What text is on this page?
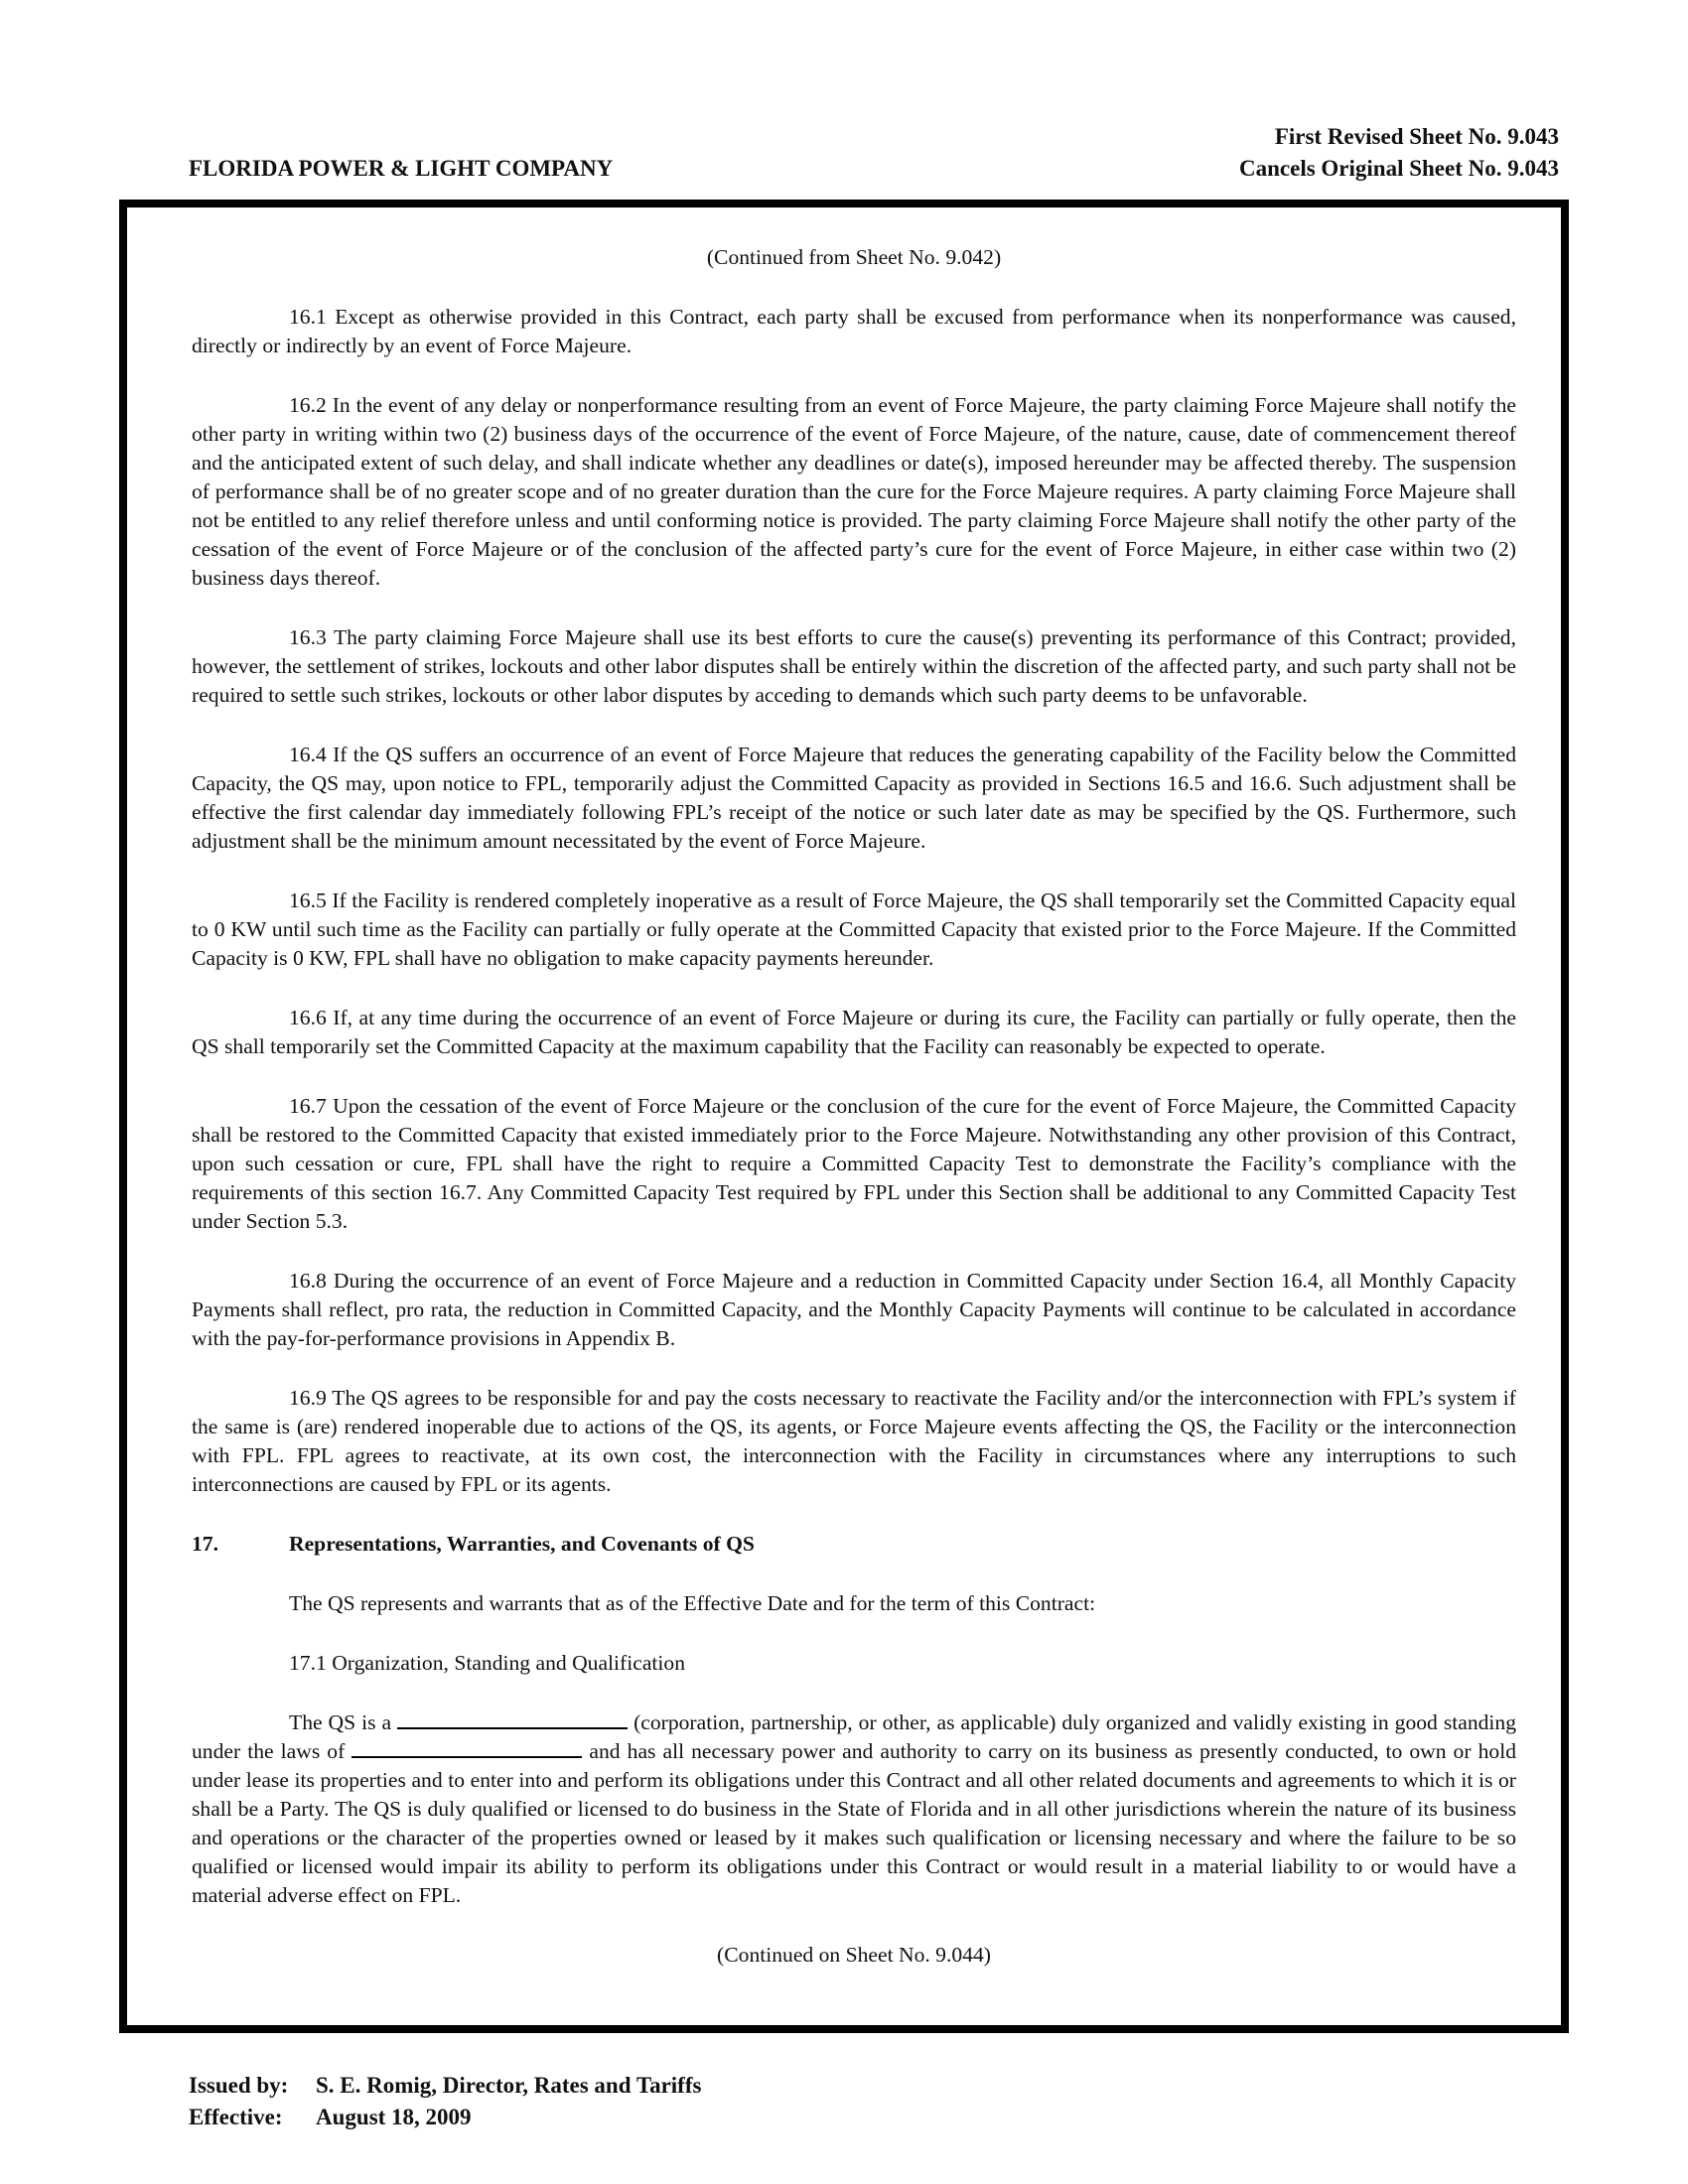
First Revised Sheet No. 9.043
Cancels Original Sheet No. 9.043
FLORIDA POWER & LIGHT COMPANY

(Continued from Sheet No. 9.042)

16.1 Except as otherwise provided in this Contract, each party shall be excused from performance when its nonperformance was caused, directly or indirectly by an event of Force Majeure.

16.2 In the event of any delay or nonperformance resulting from an event of Force Majeure, the party claiming Force Majeure shall notify the other party in writing within two (2) business days of the occurrence of the event of Force Majeure, of the nature, cause, date of commencement thereof and the anticipated extent of such delay, and shall indicate whether any deadlines or date(s), imposed hereunder may be affected thereby. The suspension of performance shall be of no greater scope and of no greater duration than the cure for the Force Majeure requires. A party claiming Force Majeure shall not be entitled to any relief therefore unless and until conforming notice is provided. The party claiming Force Majeure shall notify the other party of the cessation of the event of Force Majeure or of the conclusion of the affected party’s cure for the event of Force Majeure, in either case within two (2) business days thereof.

16.3 The party claiming Force Majeure shall use its best efforts to cure the cause(s) preventing its performance of this Contract; provided, however, the settlement of strikes, lockouts and other labor disputes shall be entirely within the discretion of the affected party, and such party shall not be required to settle such strikes, lockouts or other labor disputes by acceding to demands which such party deems to be unfavorable.

16.4 If the QS suffers an occurrence of an event of Force Majeure that reduces the generating capability of the Facility below the Committed Capacity, the QS may, upon notice to FPL, temporarily adjust the Committed Capacity as provided in Sections 16.5 and 16.6. Such adjustment shall be effective the first calendar day immediately following FPL’s receipt of the notice or such later date as may be specified by the QS. Furthermore, such adjustment shall be the minimum amount necessitated by the event of Force Majeure.

16.5 If the Facility is rendered completely inoperative as a result of Force Majeure, the QS shall temporarily set the Committed Capacity equal to 0 KW until such time as the Facility can partially or fully operate at the Committed Capacity that existed prior to the Force Majeure. If the Committed Capacity is 0 KW, FPL shall have no obligation to make capacity payments hereunder.

16.6 If, at any time during the occurrence of an event of Force Majeure or during its cure, the Facility can partially or fully operate, then the QS shall temporarily set the Committed Capacity at the maximum capability that the Facility can reasonably be expected to operate.

16.7 Upon the cessation of the event of Force Majeure or the conclusion of the cure for the event of Force Majeure, the Committed Capacity shall be restored to the Committed Capacity that existed immediately prior to the Force Majeure. Notwithstanding any other provision of this Contract, upon such cessation or cure, FPL shall have the right to require a Committed Capacity Test to demonstrate the Facility’s compliance with the requirements of this section 16.7. Any Committed Capacity Test required by FPL under this Section shall be additional to any Committed Capacity Test under Section 5.3.

16.8 During the occurrence of an event of Force Majeure and a reduction in Committed Capacity under Section 16.4, all Monthly Capacity Payments shall reflect, pro rata, the reduction in Committed Capacity, and the Monthly Capacity Payments will continue to be calculated in accordance with the pay-for-performance provisions in Appendix B.

16.9 The QS agrees to be responsible for and pay the costs necessary to reactivate the Facility and/or the interconnection with FPL’s system if the same is (are) rendered inoperable due to actions of the QS, its agents, or Force Majeure events affecting the QS, the Facility or the interconnection with FPL. FPL agrees to reactivate, at its own cost, the interconnection with the Facility in circumstances where any interruptions to such interconnections are caused by FPL or its agents.

17.	Representations, Warranties, and Covenants of QS

The QS represents and warrants that as of the Effective Date and for the term of this Contract:

17.1 Organization, Standing and Qualification

The QS is a	(corporation, partnership, or other, as applicable) duly organized and validly existing in good standing under the laws of	and has all necessary power and authority to carry on its business as presently conducted, to own or hold under lease its properties and to enter into and perform its obligations under this Contract and all other related documents and agreements to which it is or shall be a Party. The QS is duly qualified or licensed to do business in the State of Florida and in all other jurisdictions wherein the nature of its business and operations or the character of the properties owned or leased by it makes such qualification or licensing necessary and where the failure to be so qualified or licensed would impair its ability to perform its obligations under this Contract or would result in a material liability to or would have a material adverse effect on FPL.

(Continued on Sheet No. 9.044)

Issued by: S. E. Romig, Director, Rates and Tariffs
Effective: August 18, 2009
